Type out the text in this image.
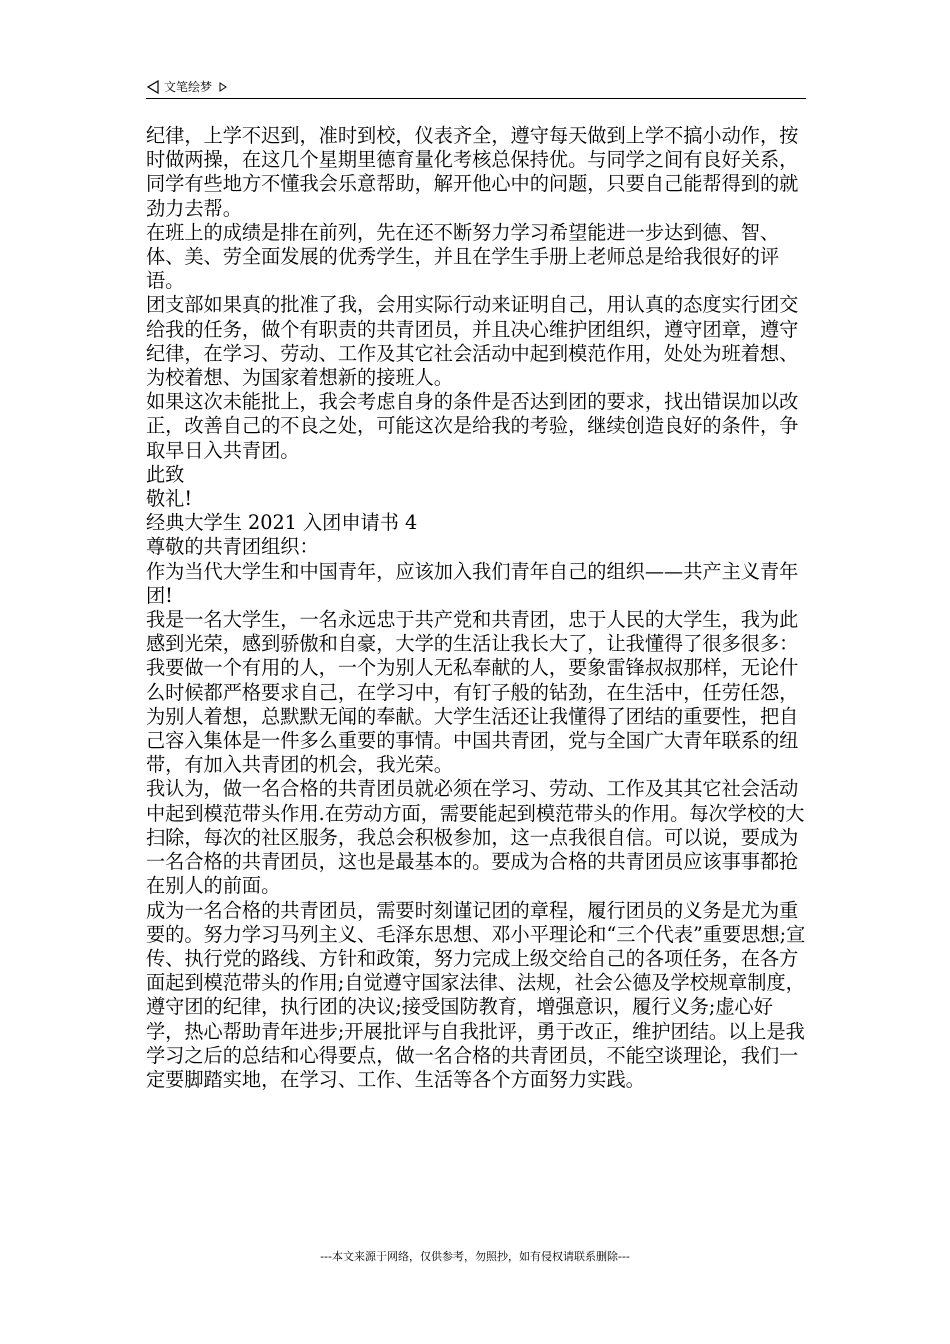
文笔绘梦

纪律，上学不迟到，准时到校，仪表齐全，遵守每天做到上学不搞小动作，按时做两操，在这几个星期里德育量化考核总保持优。与同学之间有良好关系，同学有些地方不懂我会乐意帮助，解开他心中的问题，只要自己能帮得到的就劲力去帮。

在班上的成绩是排在前列，先在还不断努力学习希望能进一步达到德、智、体、美、劳全面发展的优秀学生，并且在学生手册上老师总是给我很好的评语。

团支部如果真的批准了我，会用实际行动来证明自己，用认真的态度实行团交给我的任务，做个有职责的共青团员，并且决心维护团组织，遵守团章，遵守纪律，在学习、劳动、工作及其它社会活动中起到模范作用，处处为班着想、为校着想、为国家着想新的接班人。

如果这次未能批上，我会考虑自身的条件是否达到团的要求，找出错误加以改正，改善自己的不良之处，可能这次是给我的考验，继续创造良好的条件，争取早日入共青团。

此致

敬礼!

经典大学生 2021 入团申请书 4

尊敬的共青团组织：

作为当代大学生和中国青年，应该加入我们青年自己的组织——共产主义青年团!

我是一名大学生，一名永远忠于共产党和共青团，忠于人民的大学生，我为此感到光荣，感到骄傲和自豪，大学的生活让我长大了，让我懂得了很多很多：我要做一个有用的人，一个为别人无私奉献的人，要象雷锋叔叔那样，无论什么时候都严格要求自己，在学习中，有钉子般的钻劲，在生活中，任劳任怨，为别人着想，总默默无闻的奉献。大学生活还让我懂得了团结的重要性，把自己容入集体是一件多么重要的事情。中国共青团，党与全国广大青年联系的纽带，有加入共青团的机会，我光荣。

我认为，做一名合格的共青团员就必须在学习、劳动、工作及其其它社会活动中起到模范带头作用.在劳动方面，需要能起到模范带头的作用。每次学校的大扫除，每次的社区服务，我总会积极参加，这一点我很自信。可以说，要成为一名合格的共青团员，这也是最基本的。要成为合格的共青团员应该事事都抢在别人的前面。

成为一名合格的共青团员，需要时刻谨记团的章程，履行团员的义务是尤为重要的。努力学习马列主义、毛泽东思想、邓小平理论和“三个代表”重要思想;宣传、执行党的路线、方针和政策，努力完成上级交给自己的各项任务，在各方面起到模范带头的作用;自觉遵守国家法律、法规，社会公德及学校规章制度，遵守团的纪律，执行团的决议;接受国防教育，增强意识，履行义务;虚心好学，热心帮助青年进步;开展批评与自我批评，勇于改正，维护团结。以上是我学习之后的总结和心得要点，做一名合格的共青团员，不能空谈理论，我们一定要脚踏实地，在学习、工作、生活等各个方面努力实践。

---本文来源于网络，仅供参考，勿照抄，如有侵权请联系删除---
